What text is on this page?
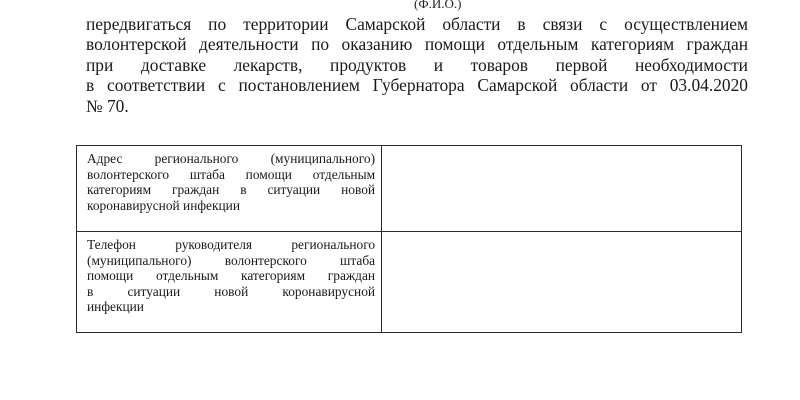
(Ф.И.О.)
передвигаться по территории Самарской области в связи с осуществлением
волонтерской деятельности по оказанию помощи отдельным категориям граждан
при доставке лекарств, продуктов и товаров первой необходимости
в соответствии с постановлением Губернатора Самарской области от 03.04.2020
№ 70.
Адрес регионального (муниципального)
волонтерского штаба помощи отдельным
категориям граждан в ситуации новой
коронавирусной инфекции	

Телефон руководителя регионального
(муниципального) волонтерского штаба
помощи отдельным категориям граждан
в ситуации новой коронавирусной
инфекции	
